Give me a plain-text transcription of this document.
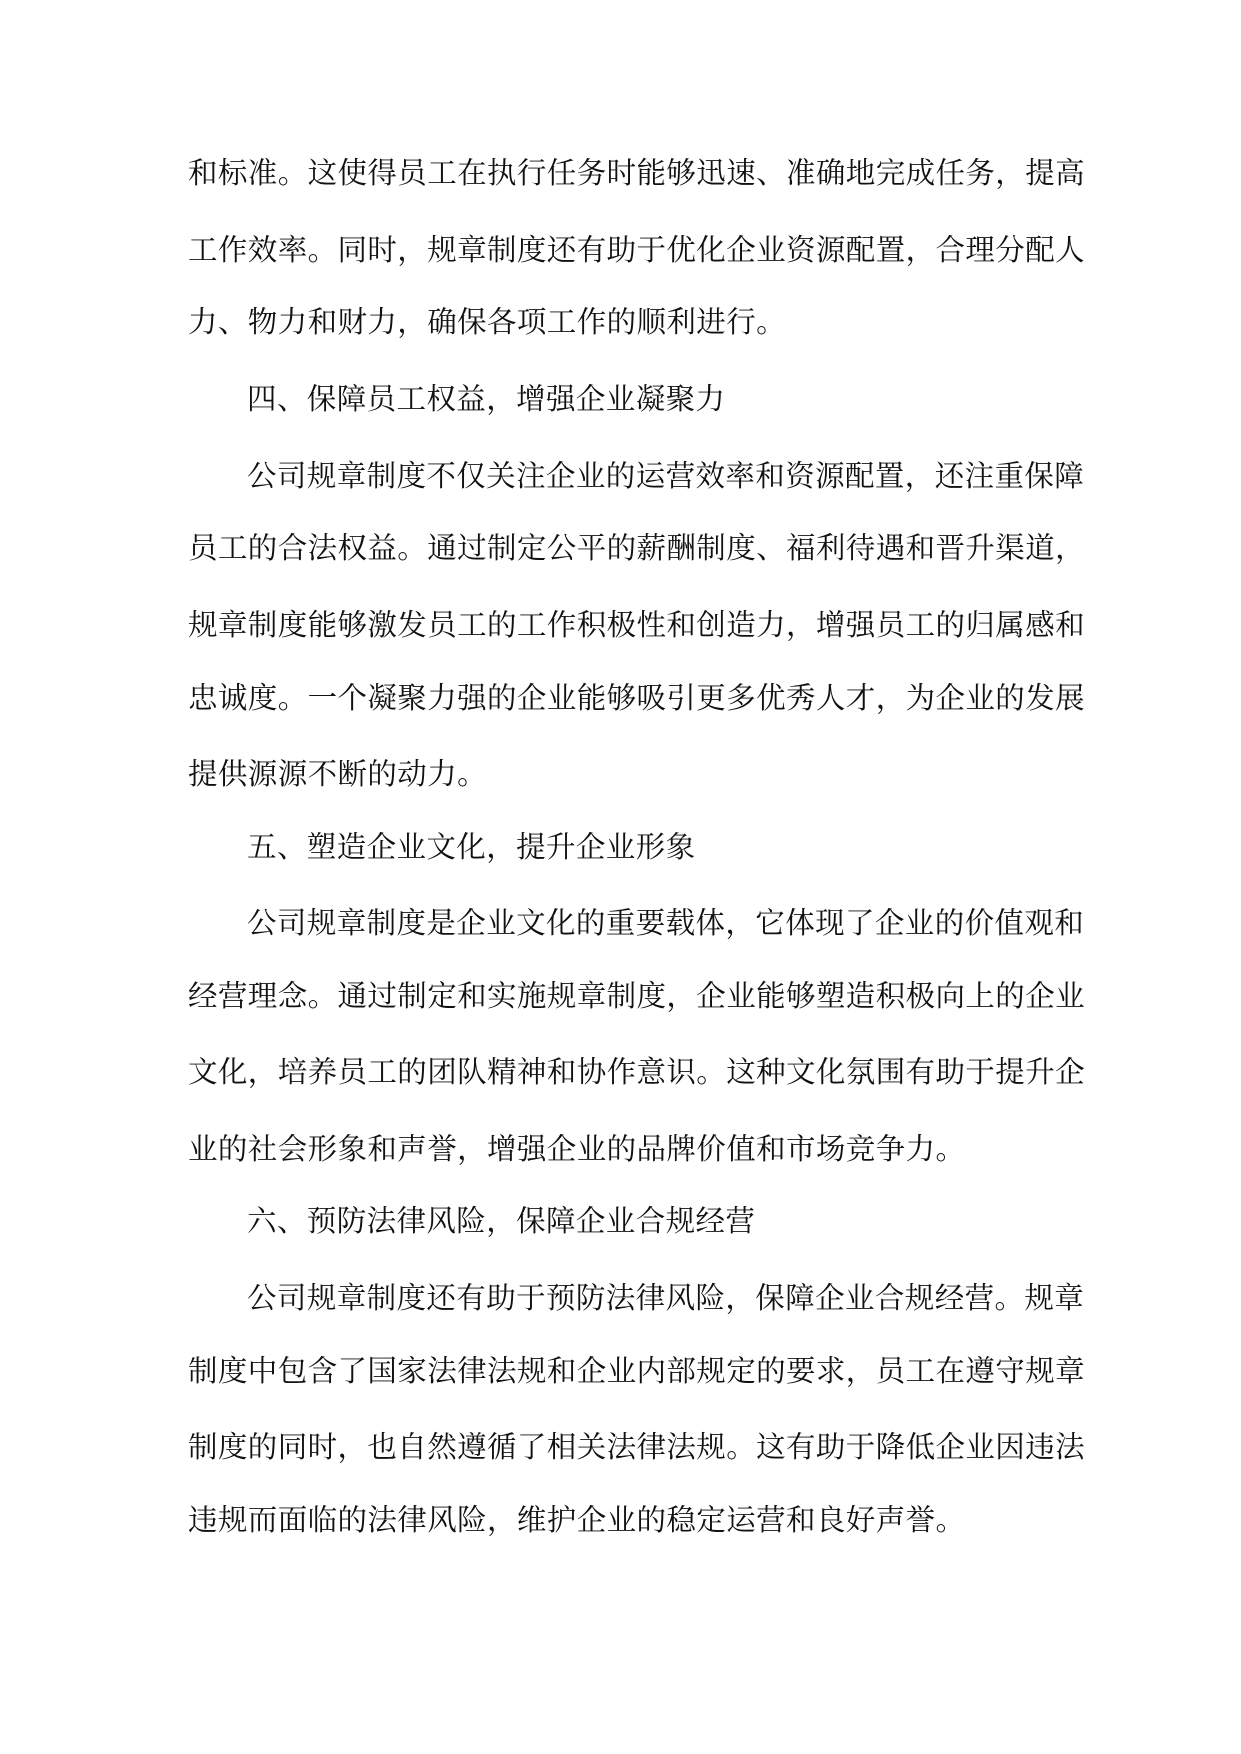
和标准。这使得员工在执行任务时能够迅速、准确地完成任务，提高
工作效率。同时，规章制度还有助于优化企业资源配置，合理分配人
力、物力和财力，确保各项工作的顺利进行。
四、保障员工权益，增强企业凝聚力
公司规章制度不仅关注企业的运营效率和资源配置，还注重保障
员工的合法权益。通过制定公平的薪酬制度、福利待遇和晋升渠道，
规章制度能够激发员工的工作积极性和创造力，增强员工的归属感和
忠诚度。一个凝聚力强的企业能够吸引更多优秀人才，为企业的发展
提供源源不断的动力。
五、塑造企业文化，提升企业形象
公司规章制度是企业文化的重要载体，它体现了企业的价值观和
经营理念。通过制定和实施规章制度，企业能够塑造积极向上的企业
文化，培养员工的团队精神和协作意识。这种文化氛围有助于提升企
业的社会形象和声誉，增强企业的品牌价值和市场竞争力。
六、预防法律风险，保障企业合规经营
公司规章制度还有助于预防法律风险，保障企业合规经营。规章
制度中包含了国家法律法规和企业内部规定的要求，员工在遵守规章
制度的同时，也自然遵循了相关法律法规。这有助于降低企业因违法
违规而面临的法律风险，维护企业的稳定运营和良好声誉。
